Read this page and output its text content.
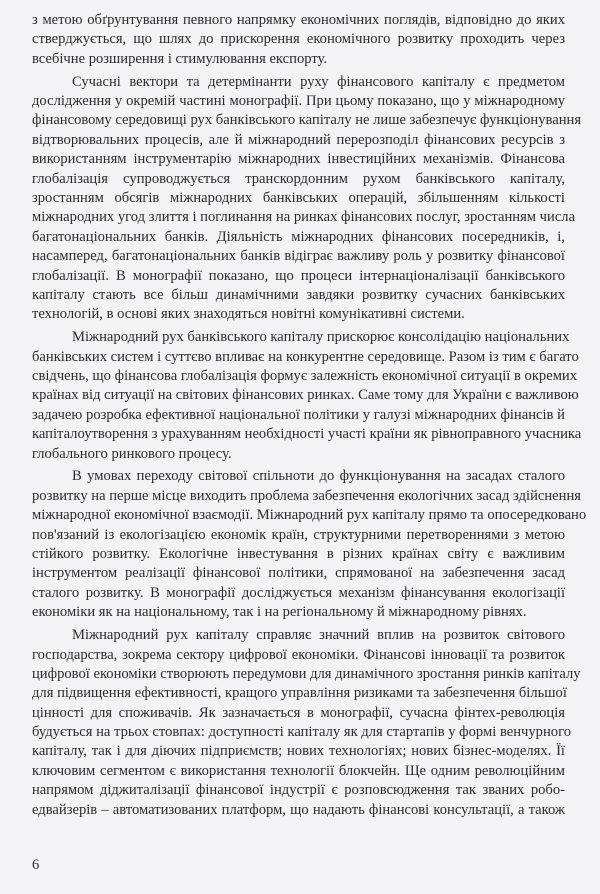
з метою обґрунтування певного напрямку економічних поглядів, відповідно до яких
стверджується, що шлях до прискорення економічного розвитку проходить через
всебічне розширення і стимулювання експорту.
Сучасні вектори та детермінанти руху фінансового капіталу є предметом
дослідження у окремій частині монографії. При цьому показано, що у міжнародному
фінансовому середовищі рух банківського капіталу не лише забезпечує функціонування
відтворювальних процесів, але й міжнародний перерозподіл фінансових ресурсів з
використанням інструментарію міжнародних інвестиційних механізмів. Фінансова
глобалізація супроводжується транскордонним рухом банківського капіталу,
зростанням обсягів міжнародних банківських операцій, збільшенням кількості
міжнародних угод злиття і поглинання на ринках фінансових послуг, зростанням числа
багатонаціональних банків. Діяльність міжнародних фінансових посередників, і,
насамперед, багатонаціональних банків відіграє важливу роль у розвитку фінансової
глобалізації. В монографії показано, що процеси інтернаціоналізації банківського
капіталу стають все більш динамічними завдяки розвитку сучасних банківських
технологій, в основі яких знаходяться новітні комунікативні системи.
Міжнародний рух банківського капіталу прискорює консолідацію національних
банківських систем і суттєво впливає на конкурентне середовище. Разом із тим є багато
свідчень, що фінансова глобалізація формує залежність економічної ситуації в окремих
країнах від ситуації на світових фінансових ринках. Саме тому для України є важливою
задачею розробка ефективної національної політики у галузі міжнародних фінансів й
капіталоутворення з урахуванням необхідності участі країни як рівноправного учасника
глобального ринкового процесу.
В умовах переходу світової спільноти до функціонування на засадах сталого
розвитку на перше місце виходить проблема забезпечення екологічних засад здійснення
міжнародної економічної взаємодії. Міжнародний рух капіталу прямо та опосередковано
пов'язаний із екологізацією економік країн, структурними перетвореннями з метою
стійкого розвитку. Екологічне інвестування в різних країнах світу є важливим
інструментом реалізації фінансової політики, спрямованої на забезпечення засад
сталого розвитку. В монографії досліджується механізм фінансування екологізації
економіки як на національному, так і на регіональному й міжнародному рівнях.
Міжнародний рух капіталу справляє значний вплив на розвиток світового
господарства, зокрема сектору цифрової економіки. Фінансові інновації та розвиток
цифрової економіки створюють передумови для динамічного зростання ринків капіталу
для підвищення ефективності, кращого управління ризиками та забезпечення більшої
цінності для споживачів. Як зазначається в монографії, сучасна фінтех-революція
будується на трьох стовпах: доступності капіталу як для стартапів у формі венчурного
капіталу, так і для діючих підприємств; нових технологіях; нових бізнес-моделях. Її
ключовим сегментом є використання технології блокчейн. Ще одним революційним
напрямом діджиталізації фінансової індустрії є розповсюдження так званих робо-
едвайзерів – автоматизованих платформ, що надають фінансові консультації, а також
6
